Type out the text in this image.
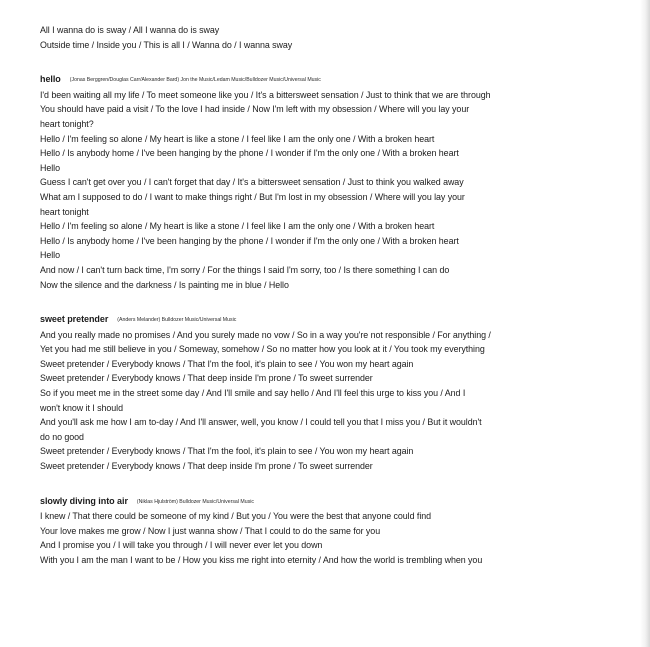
All I wanna do is sway / All I wanna do is sway
Outside time / Inside you / This is all I / Wanna do / I wanna sway
hello (Jonas Berggren/Douglas Carr/Alexander Bard) Jon the Music/Ledam Music/Bulldozer Music/Universal Music
I'd been waiting all my life / To meet someone like you / It's a bittersweet sensation / Just to think that we are through
You should have paid a visit / To the love I had inside / Now I'm left with my obsession / Where will you lay your
heart tonight?
Hello / I'm feeling so alone / My heart is like a stone / I feel like I am the only one / With a broken heart
Hello / Is anybody home / I've been hanging by the phone / I wonder if I'm the only one / With a broken heart
Hello
Guess I can't get over you / I can't forget that day / It's a bittersweet sensation / Just to think you walked away
What am I supposed to do / I want to make things right / But I'm lost in my obsession / Where will you lay your
heart tonight
Hello / I'm feeling so alone / My heart is like a stone / I feel like I am the only one / With a broken heart
Hello / Is anybody home / I've been hanging by the phone / I wonder if I'm the only one / With a broken heart
Hello
And now / I can't turn back time, I'm sorry / For the things I said I'm sorry, too / Is there something I can do
Now the silence and the darkness / Is painting me in blue / Hello
sweet pretender (Anders Melander) Bulldozer Music/Universal Music
And you really made no promises / And you surely made no vow / So in a way you're not responsible / For anything /
Yet you had me still believe in you / Someway, somehow / So no matter how you look at it / You took my everything
Sweet pretender / Everybody knows / That I'm the fool, it's plain to see / You won my heart again
Sweet pretender / Everybody knows / That deep inside I'm prone / To sweet surrender
So if you meet me in the street some day / And I'll smile and say hello / And I'll feel this urge to kiss you / And I
won't know it I should
And you'll ask me how I am to-day / And I'll answer, well, you know / I could tell you that I miss you / But it wouldn't
do no good
Sweet pretender / Everybody knows / That I'm the fool, it's plain to see / You won my heart again
Sweet pretender / Everybody knows / That deep inside I'm prone / To sweet surrender
slowly diving into air (Niklas Hjulström) Bulldozer Music/Universal Music
I knew / That there could be someone of my kind / But you / You were the best that anyone could find
Your love makes me grow / Now I just wanna show / That I could to do the same for you
And I promise you / I will take you through / I will never ever let you down
With you I am the man I want to be / How you kiss me right into eternity / And how the world is trembling when you
